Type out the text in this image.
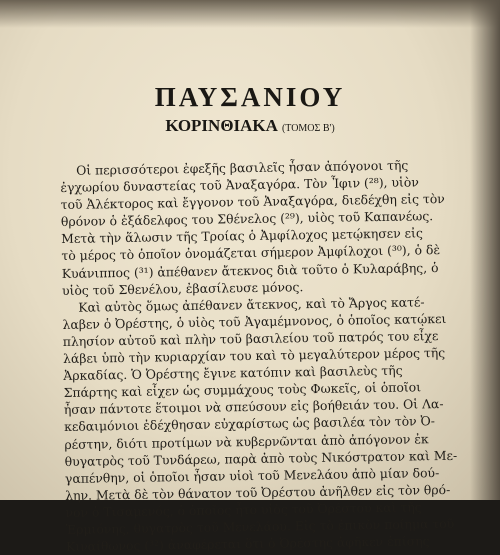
ΠΑΥΣΑΝΙΟΥ
ΚΟΡΙΝΘΙΑΚΑ (ΤΟΜΟΣ Β')
Οἱ περισσότεροι ἐφεξῆς βασιλεῖς ἦσαν ἀπόγονοι τῆς
ἐγχωρίου δυναστείας τοῦ Ἀναξαγόρα. Τὸν Ἶφιν (²⁸), υἱὸν
τοῦ Ἀλέκτορος καὶ ἔγγονον τοῦ Ἀναξαγόρα, διεδέχθη εἰς τὸν
θρόνον ὁ ἐξάδελφος του Σθένελος (²⁹), υἱὸς τοῦ Καπανέως.
Μετὰ τὴν ἅλωσιν τῆς Τροίας ὁ Ἀμφίλοχος μετῴκησεν εἰς
τὸ μέρος τὸ ὁποῖον ὀνομάζεται σήμερον Ἀμφίλοχοι (³⁰), ὁ δὲ
Κυάνιππος (³¹) ἀπέθανεν ἄτεκνος διὰ τοῦτο ὁ Κυλαράβης, ὁ
υἱὸς τοῦ Σθενέλου, ἐβασίλευσε μόνος.
Καὶ αὐτὸς ὅμως ἀπέθανεν ἄτεκνος, καὶ τὸ Ἄργος κατέ-
λαβεν ὁ Ὀρέστης, ὁ υἱὸς τοῦ Ἀγαμέμνονος, ὁ ὁποῖος κατῴκει
πλησίον αὐτοῦ καὶ πλὴν τοῦ βασιλείου τοῦ πατρός του εἶχε
λάβει ὑπὸ τὴν κυριαρχίαν του καὶ τὸ μεγαλύτερον μέρος τῆς
Ἀρκαδίας. Ὁ Ὀρέστης ἔγινε κατόπιν καὶ βασιλεὺς τῆς
Σπάρτης καὶ εἶχεν ὡς συμμάχους τοὺς Φωκεῖς, οἱ ὁποῖοι
ἦσαν πάντοτε ἕτοιμοι νὰ σπεύσουν εἰς βοήθειάν του. Οἱ Λα-
κεδαιμόνιοι ἐδέχθησαν εὐχαρίστως ὡς βασιλέα τὸν τὸν Ὀ-
ρέστην, διότι προτίμων νὰ κυβερνῶνται ἀπὸ ἀπόγονον ἐκ
θυγατρὸς τοῦ Τυνδάρεω, παρὰ ἀπὸ τοὺς Νικόστρατον καὶ Με-
γαπένθην, οἱ ὁποῖοι ἦσαν υἱοὶ τοῦ Μενελάου ἀπὸ μίαν δού-
λην. Μετὰ δὲ τὸν θάνατον τοῦ Ὀρέστου ἀνῆλθεν εἰς τὸν θρό-
νον ὁ Τισαμενός, ὁ ὁποῖος ἦτο υἱὸς τοῦ Ὀρέστου καὶ τῆς
Ἑρμιόνης, θυγατρὸς τοῦ Μενελάου. Εἰς τὸ ἐπικὸν ποίημα τοῦ
Κιναίθωνος (³²) ἀναφέρεται ὅτι ὁ Ὀρέστης ἀφῆκεν ἐπίσης
